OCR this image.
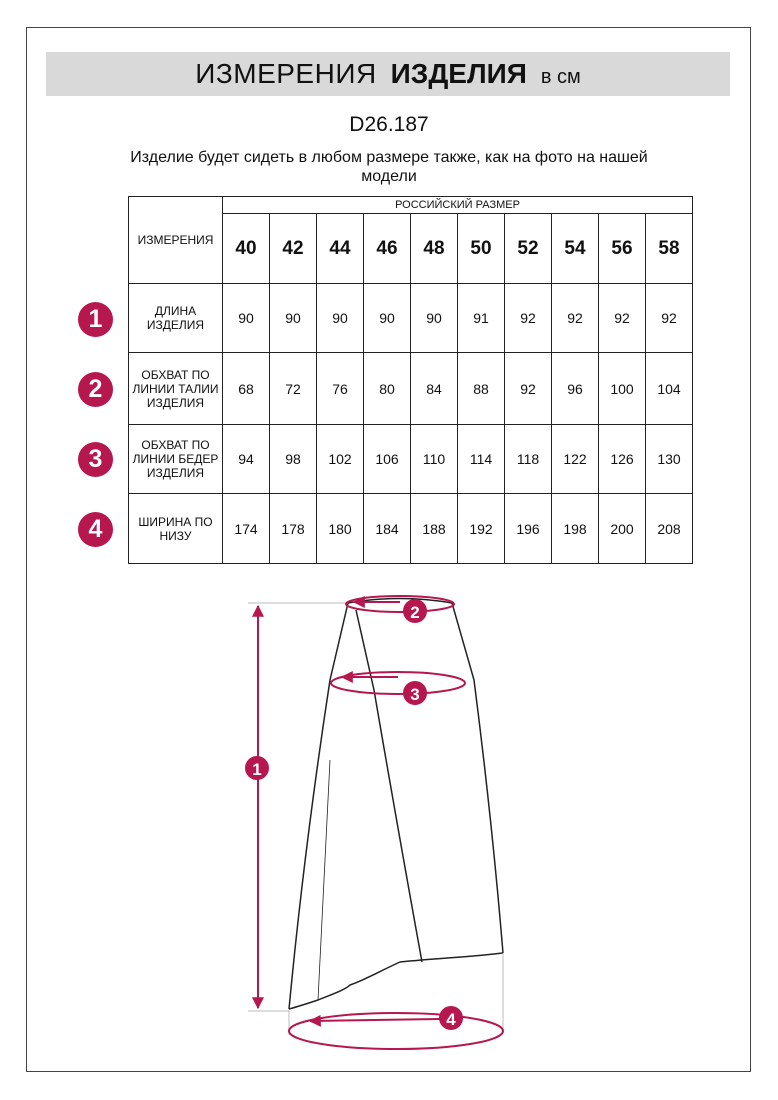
ИЗМЕРЕНИЯ ИЗДЕЛИЯ в см
D26.187
Изделие будет сидеть в любом размере также, как на фото на нашей модели
ИЗМЕРЕНИЯ	РОССИЙСКИЙ РАЗМЕР									
	40	42	44	46	48	50	52	54	56	58
ДЛИНА ИЗДЕЛИЯ	90	90	90	90	90	91	92	92	92	92
ОБХВАТ ПО ЛИНИИ ТАЛИИ ИЗДЕЛИЯ	68	72	76	80	84	88	92	96	100	104
ОБХВАТ ПО ЛИНИИ БЕДЕР ИЗДЕЛИЯ	94	98	102	106	110	114	118	122	126	130
ШИРИНА ПО НИЗУ	174	178	180	184	188	192	196	198	200	208
1
2
3
4
2
3
1
4
